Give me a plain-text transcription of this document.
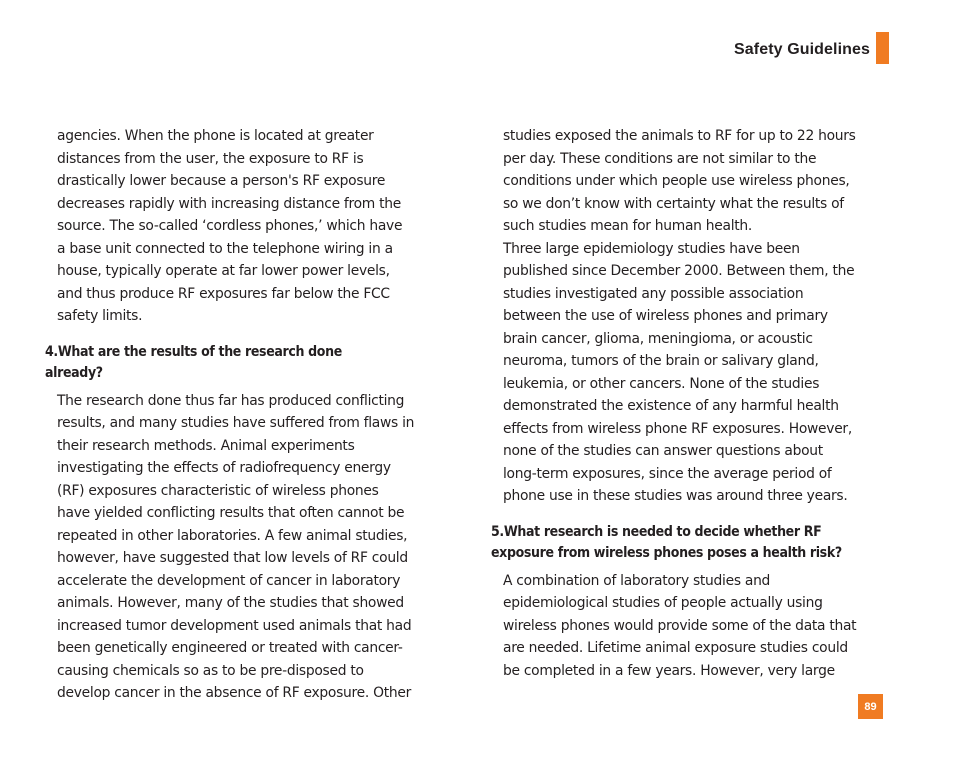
Safety Guidelines

agencies. When the phone is located at greater
distances from the user, the exposure to RF is
drastically lower because a person's RF exposure
decreases rapidly with increasing distance from the
source. The so-called ‘cordless phones,’ which have
a base unit connected to the telephone wiring in a
house, typically operate at far lower power levels,
and thus produce RF exposures far below the FCC
safety limits.

4.What are the results of the research done already?

The research done thus far has produced conflicting
results, and many studies have suffered from flaws in
their research methods. Animal experiments
investigating the effects of radiofrequency energy
(RF) exposures characteristic of wireless phones
have yielded conflicting results that often cannot be
repeated in other laboratories. A few animal studies,
however, have suggested that low levels of RF could
accelerate the development of cancer in laboratory
animals. However, many of the studies that showed
increased tumor development used animals that had
been genetically engineered or treated with cancer-
causing chemicals so as to be pre-disposed to
develop cancer in the absence of RF exposure. Other

studies exposed the animals to RF for up to 22 hours
per day. These conditions are not similar to the
conditions under which people use wireless phones,
so we don’t know with certainty what the results of
such studies mean for human health.

Three large epidemiology studies have been
published since December 2000. Between them, the
studies investigated any possible association
between the use of wireless phones and primary
brain cancer, glioma, meningioma, or acoustic
neuroma, tumors of the brain or salivary gland,
leukemia, or other cancers. None of the studies
demonstrated the existence of any harmful health
effects from wireless phone RF exposures. However,
none of the studies can answer questions about
long-term exposures, since the average period of
phone use in these studies was around three years.

5.What research is needed to decide whether RF
exposure from wireless phones poses a health risk?

A combination of laboratory studies and
epidemiological studies of people actually using
wireless phones would provide some of the data that
are needed. Lifetime animal exposure studies could
be completed in a few years. However, very large

89
